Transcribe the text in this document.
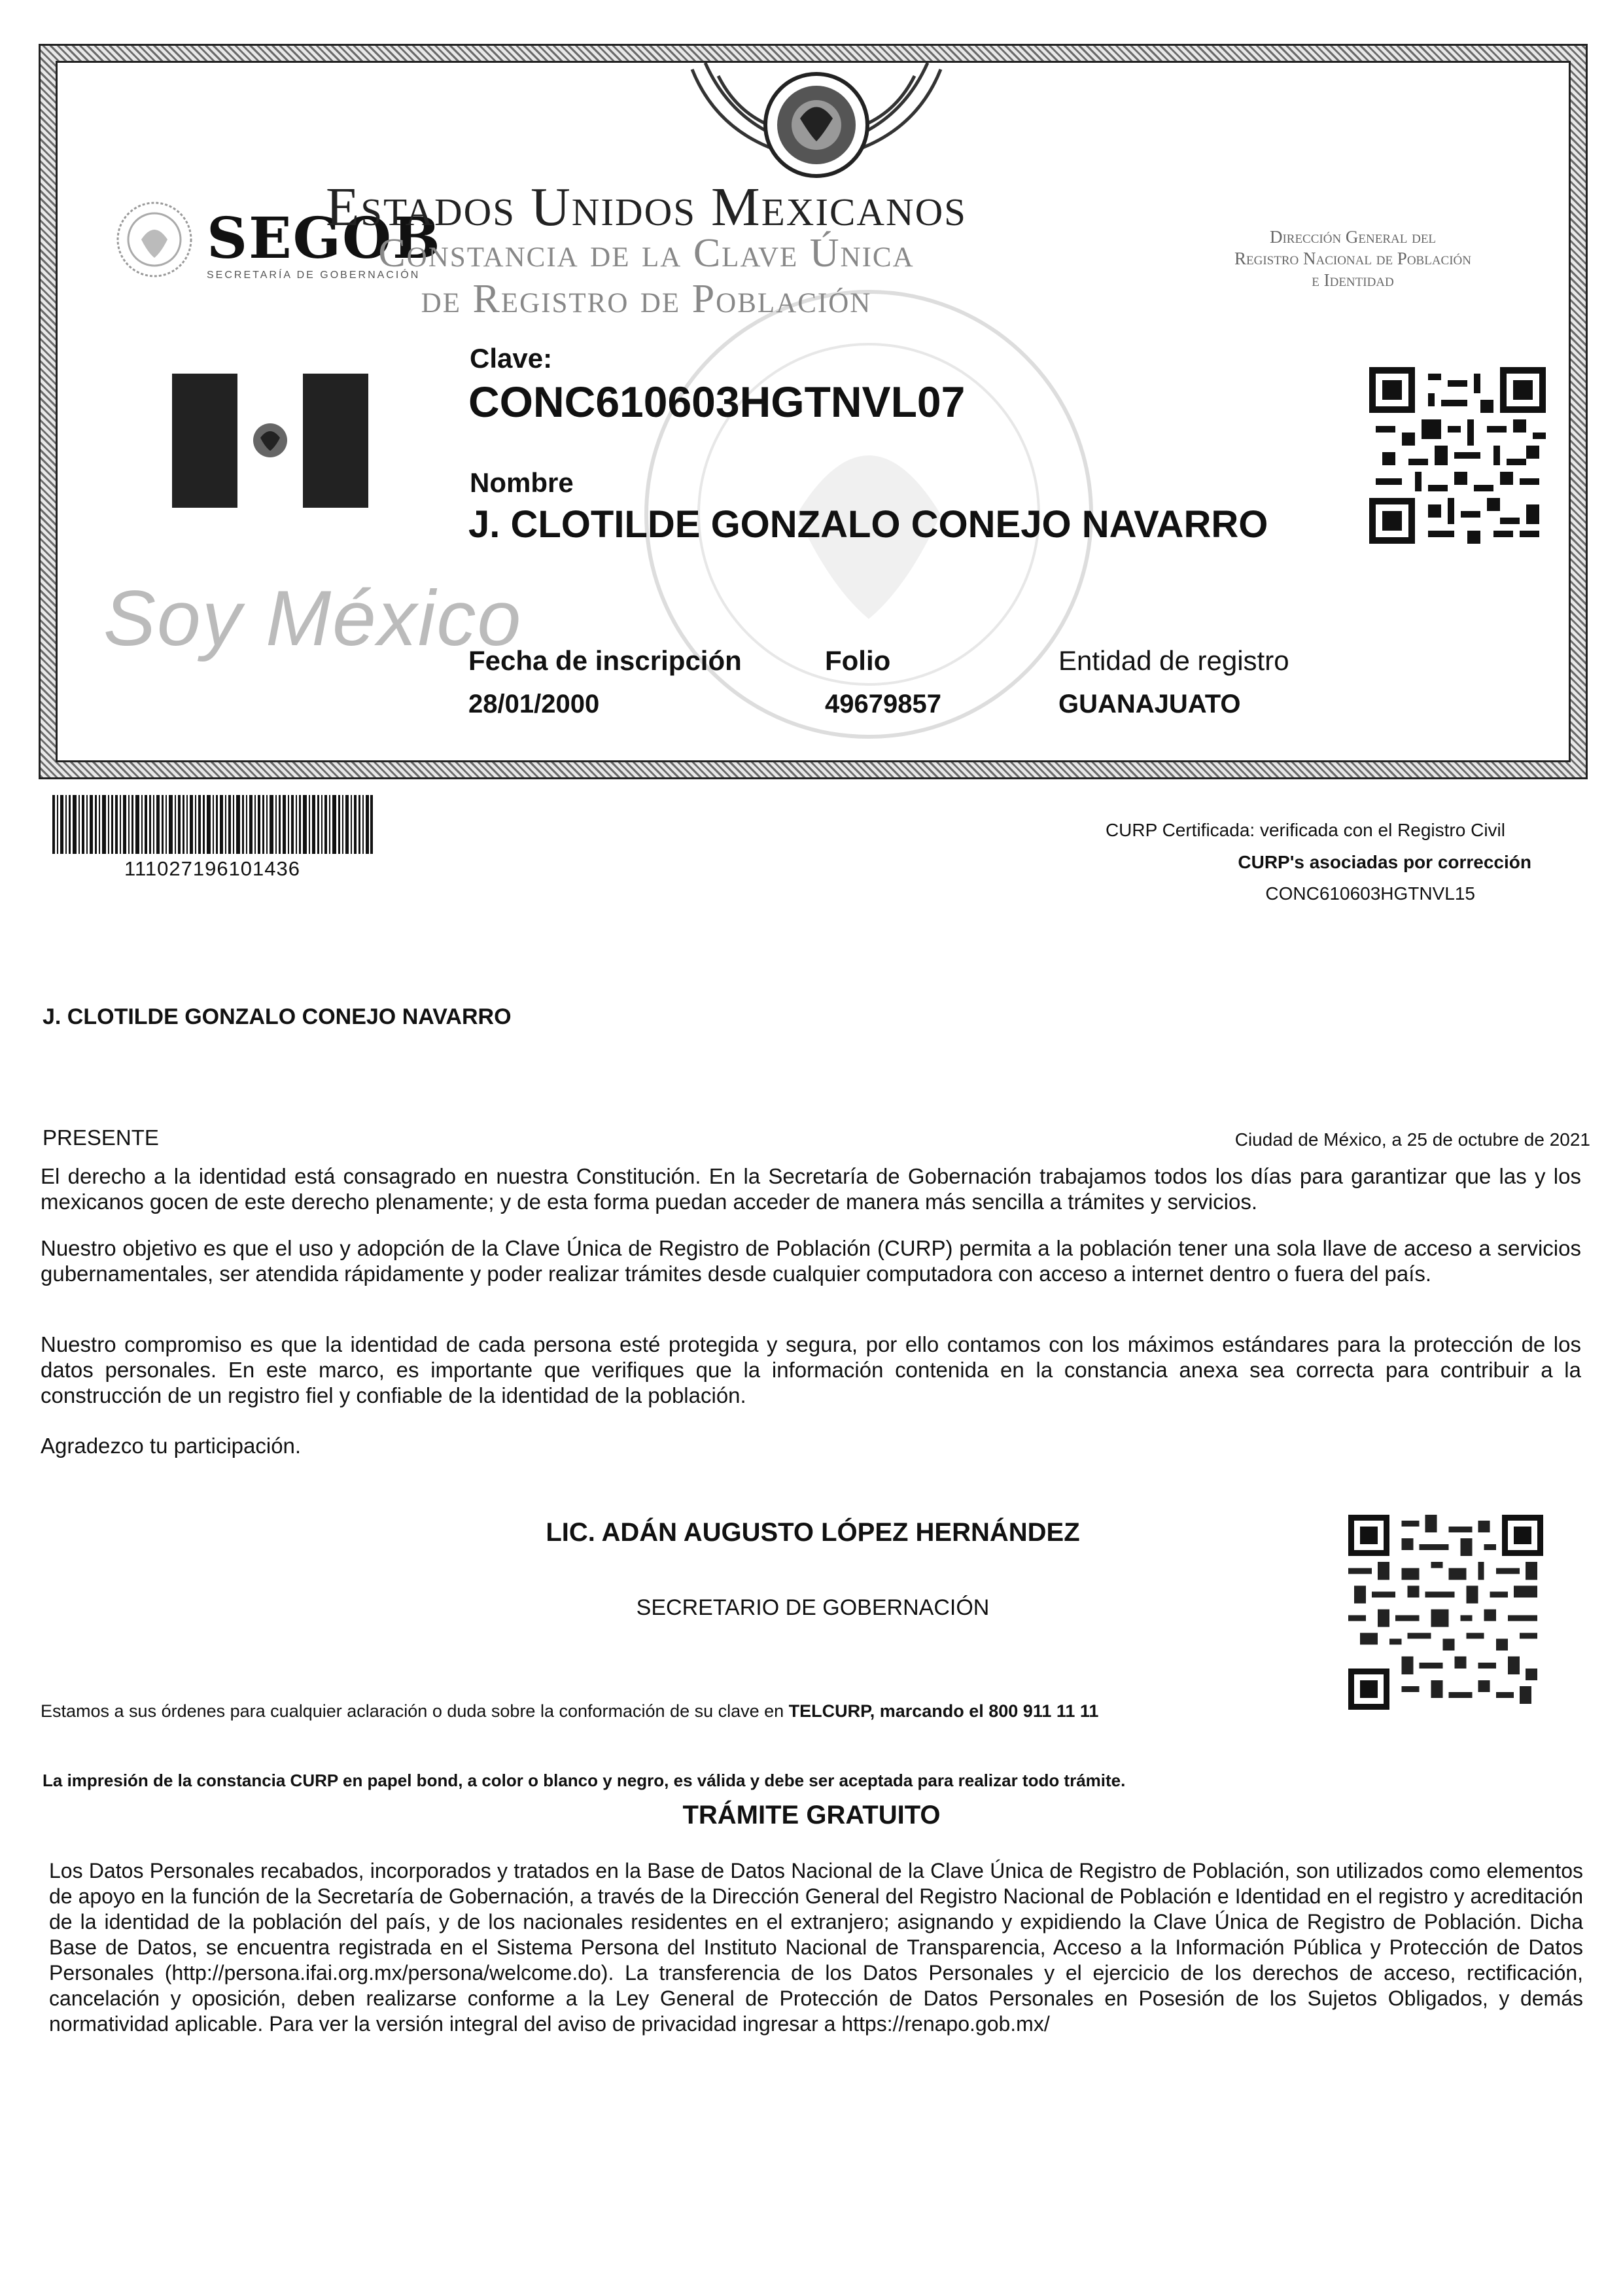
SEGOB
SECRETARÍA DE GOBERNACIÓN
Estados Unidos Mexicanos
Constancia de la Clave Única
de Registro de Población
Dirección General del
Registro Nacional de Población
e Identidad
Clave:
CONC610603HGTNVL07
Nombre
J. CLOTILDE GONZALO CONEJO NAVARRO
Soy México
Fecha de inscripción
28/01/2000
Folio
49679857
Entidad de registro
GUANAJUATO
111027196101436
CURP Certificada: verificada con el Registro Civil
CURP's asociadas por corrección
CONC610603HGTNVL15
J. CLOTILDE GONZALO CONEJO NAVARRO
PRESENTE	Ciudad de México, a 25 de octubre de 2021
El derecho a la identidad está consagrado en nuestra Constitución. En la Secretaría de Gobernación trabajamos todos los días para garantizar que las y los mexicanos gocen de este derecho plenamente; y de esta forma puedan acceder de manera más sencilla a trámites y servicios.
Nuestro objetivo es que el uso y adopción de la Clave Única de Registro de Población (CURP) permita a la población tener una sola llave de acceso a servicios gubernamentales, ser atendida rápidamente y poder realizar trámites desde cualquier computadora con acceso a internet dentro o fuera del país.
Nuestro compromiso es que la identidad de cada persona esté protegida y segura, por ello contamos con los máximos estándares para la protección de los datos personales. En este marco, es importante que verifiques que la información contenida en la constancia anexa sea correcta para contribuir a la construcción de un registro fiel y confiable de la identidad de la población.
Agradezco tu participación.
LIC. ADÁN AUGUSTO LÓPEZ HERNÁNDEZ
SECRETARIO DE GOBERNACIÓN
Estamos a sus órdenes para cualquier aclaración o duda sobre la conformación de su clave en TELCURP, marcando el 800 911 11 11
La impresión de la constancia CURP en papel bond, a color o blanco y negro, es válida y debe ser aceptada para realizar todo trámite.
TRÁMITE GRATUITO
Los Datos Personales recabados, incorporados y tratados en la Base de Datos Nacional de la Clave Única de Registro de Población, son utilizados como elementos de apoyo en la función de la Secretaría de Gobernación, a través de la Dirección General del Registro Nacional de Población e Identidad en el registro y acreditación de la identidad de la población del país, y de los nacionales residentes en el extranjero; asignando y expidiendo la Clave Única de Registro de Población. Dicha Base de Datos, se encuentra registrada en el Sistema Persona del Instituto Nacional de Transparencia, Acceso a la Información Pública y Protección de Datos Personales (http://persona.ifai.org.mx/persona/welcome.do). La transferencia de los Datos Personales y el ejercicio de los derechos de acceso, rectificación, cancelación y oposición, deben realizarse conforme a la Ley General de Protección de Datos Personales en Posesión de los Sujetos Obligados, y demás normatividad aplicable. Para ver la versión integral del aviso de privacidad ingresar a https://renapo.gob.mx/
